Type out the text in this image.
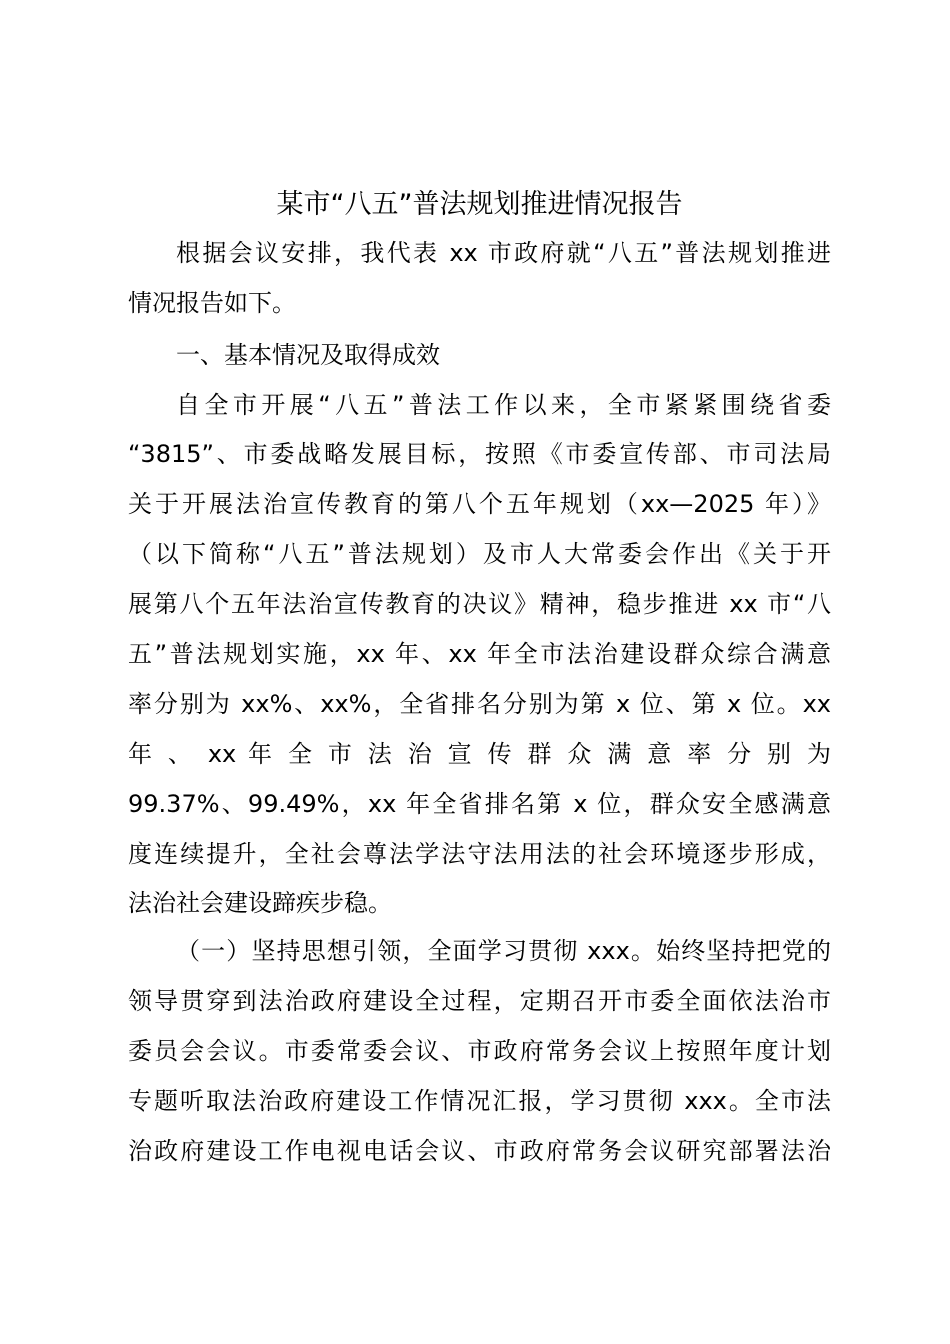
某市“八五”普法规划推进情况报告
根据会议安排，我代表 xx 市政府就“八五”普法规划推进
情况报告如下。
一、基本情况及取得成效
自全市开展“八五”普法工作以来，全市紧紧围绕省委
“3815”、市委战略发展目标，按照《市委宣传部、市司法局
关于开展法治宣传教育的第八个五年规划（xx—2025 年）》
（以下简称“八五”普法规划）及市人大常委会作出《关于开
展第八个五年法治宣传教育的决议》精神，稳步推进 xx 市“八
五”普法规划实施，xx 年、xx 年全市法治建设群众综合满意
率分别为 xx%、xx%，全省排名分别为第 x 位、第 x 位。xx
年 、 xx 年 全 市 法 治 宣 传 群 众 满 意 率 分 别 为
99.37%、99.49%，xx 年全省排名第 x 位，群众安全感满意
度连续提升，全社会尊法学法守法用法的社会环境逐步形成，
法治社会建设蹄疾步稳。
（一）坚持思想引领，全面学习贯彻 xxx。始终坚持把党的
领导贯穿到法治政府建设全过程，定期召开市委全面依法治市
委员会会议。市委常委会议、市政府常务会议上按照年度计划
专题听取法治政府建设工作情况汇报，学习贯彻 xxx。全市法
治政府建设工作电视电话会议、市政府常务会议研究部署法治
